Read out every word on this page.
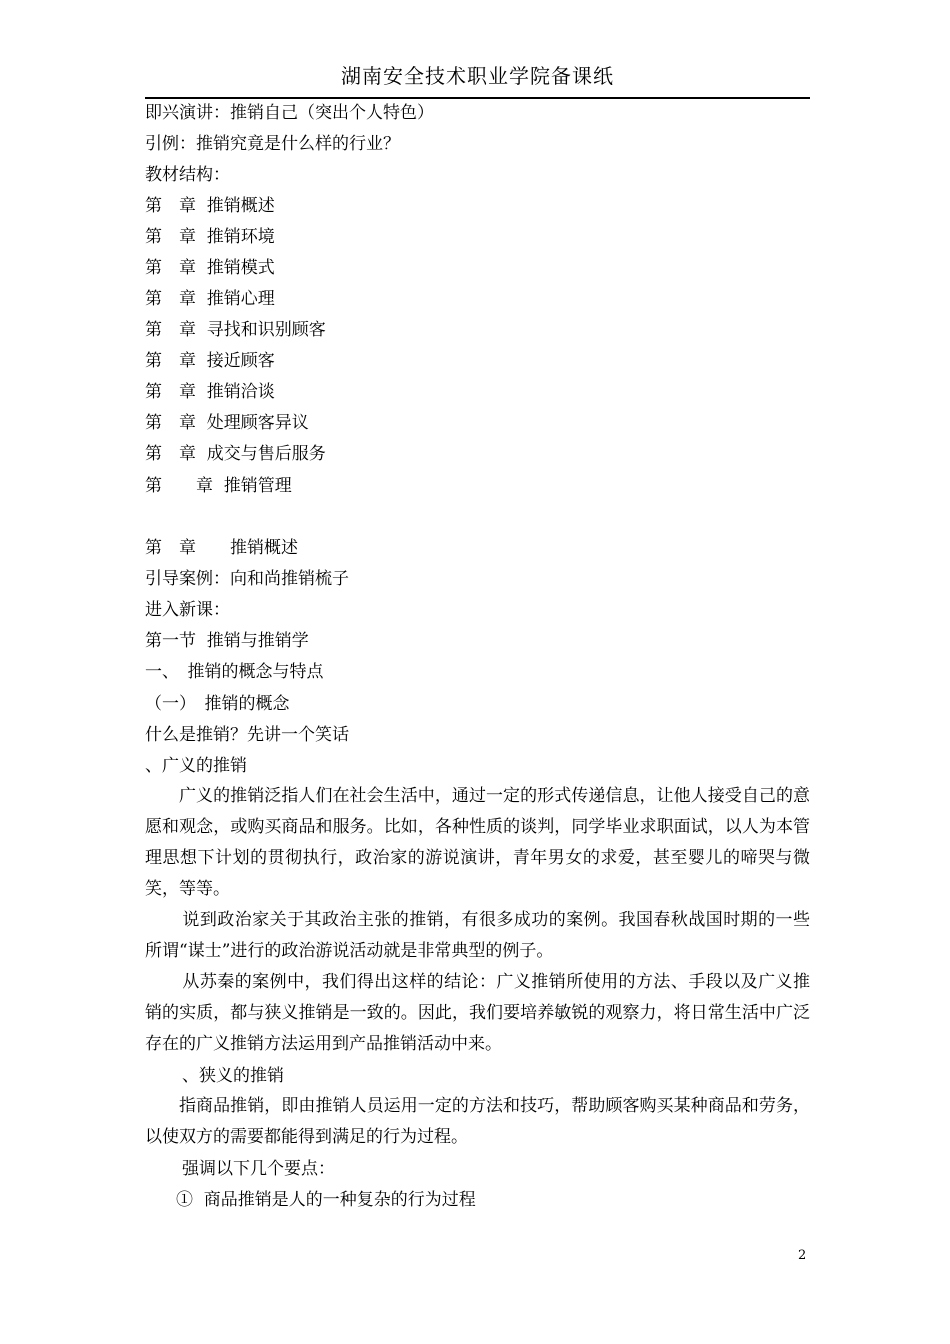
湖南安全技术职业学院备课纸
即兴演讲：推销自己（突出个人特色）
引例：推销究竟是什么样的行业？
教材结构：
第　章  推销概述
第　章  推销环境
第　章  推销模式
第　章  推销心理
第　章  寻找和识别顾客
第　章  接近顾客
第　章  推销洽谈
第　章  处理顾客异议
第　章  成交与售后服务
第　　章  推销管理
第　章　　推销概述
引导案例：向和尚推销梳子
进入新课：
第一节  推销与推销学
一、　推销的概念与特点
（一）　推销的概念
什么是推销？先讲一个笑话
、广义的推销
广义的推销泛指人们在社会生活中，通过一定的形式传递信息，让他人接受自己的意愿和观念，或购买商品和服务。比如，各种性质的谈判，同学毕业求职面试，以人为本管理思想下计划的贯彻执行，政治家的游说演讲，青年男女的求爱，甚至婴儿的啼哭与微笑，等等。
说到政治家关于其政治主张的推销，有很多成功的案例。我国春秋战国时期的一些所谓“谋士”进行的政治游说活动就是非常典型的例子。
从苏秦的案例中，我们得出这样的结论：广义推销所使用的方法、手段以及广义推销的实质，都与狭义推销是一致的。因此，我们要培养敏锐的观察力，将日常生活中广泛存在的广义推销方法运用到产品推销活动中来。
、狭义的推销
指商品推销，即由推销人员运用一定的方法和技巧，帮助顾客购买某种商品和劳务，以使双方的需要都能得到满足的行为过程。
强调以下几个要点：
①  商品推销是人的一种复杂的行为过程
2
